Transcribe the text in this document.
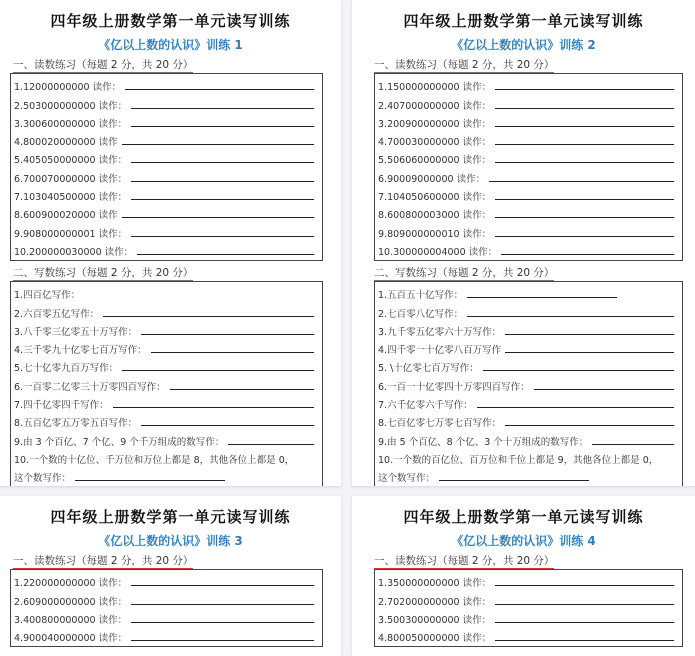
四年级上册数学第一单元读写训练
《亿以上数的认识》训练 1
一、读数练习（每题 2 分，共 20 分）
1.12000000000 读作：
2.503000000000 读作：
3.300600000000 读作：
4.800020000000 读作
5.405050000000 读作：
6.700070000000 读作：
7.103040500000 读作：
8.600900020000 读作
9.908000000001 读作：
10.200000030000 读作：
二、写数练习（每题 2 分，共 20 分）
1.四百亿写作：
2.六百零五亿写作：
3.八千零三亿零五十万写作：
4.三千零九十亿零七百万写作：
5.七十亿零九百万写作：
6.一百零二亿零三十万零四百写作：
7.四千亿零四千写作：
8.五百亿零五万零五百写作：
9.由 3 个百亿、7 个亿、9 个千万组成的数写作：
10.一个数的十亿位、千万位和万位上都是 8，其他各位上都是 0，
这个数写作：
四年级上册数学第一单元读写训练
《亿以上数的认识》训练 2
一、读数练习（每题 2 分，共 20 分）
1.150000000000 读作：
2.407000000000 读作：
3.200900000000 读作：
4.700030000000 读作：
5.506060000000 读作：
6.90009000000 读作：
7.104050600000 读作：
8.600800003000 读作：
9.809000000010 读作：
10.300000004000 读作：
二、写数练习（每题 2 分，共 20 分）
1.五百五十亿写作：
2.七百零八亿写作：
3.九千零五亿零六十万写作：
4.四千零一十亿零八百万写作
5. \十亿零七百万写作：
6.一百一十亿零四十万零四百写作：
7.六千亿零六千写作：
8.七百亿零七万零七百写作：
9.由 5 个百亿、8 个亿、3 个十万组成的数写作：
10.一个数的百亿位、百万位和千位上都是 9，其他各位上都是 0，
这个数写作：
四年级上册数学第一单元读写训练
《亿以上数的认识》训练 3
一、读数练习（每题 2 分，共 20 分）
1.220000000000 读作：
2.609000000000 读作：
3.400800000000 读作：
4.900040000000 读作：
四年级上册数学第一单元读写训练
《亿以上数的认识》训练 4
一、读数练习（每题 2 分，共 20 分）
1.350000000000 读作：
2.702000000000 读作：
3.500300000000 读作：
4.800050000000 读作：
